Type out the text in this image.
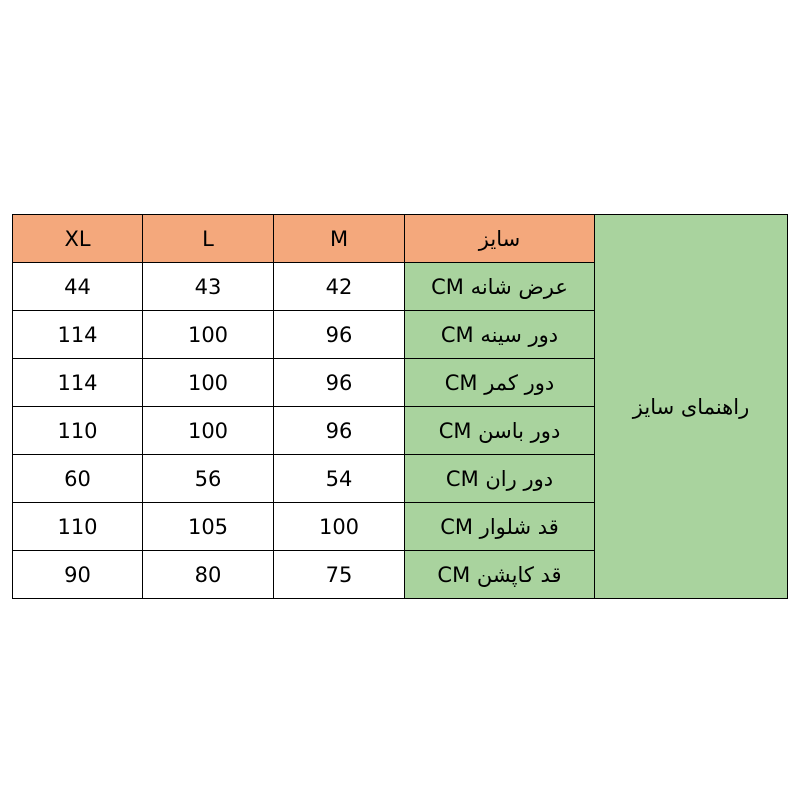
راهنمای سایز	سایز	M	L	XL
	عرض شانه CM	42	43	44
	دور سینه CM	96	100	114
	دور کمر CM	96	100	114
	دور باسن CM	96	100	110
	دور ران CM	54	56	60
	قد شلوار CM	100	105	110
	قد کاپشن CM	75	80	90
